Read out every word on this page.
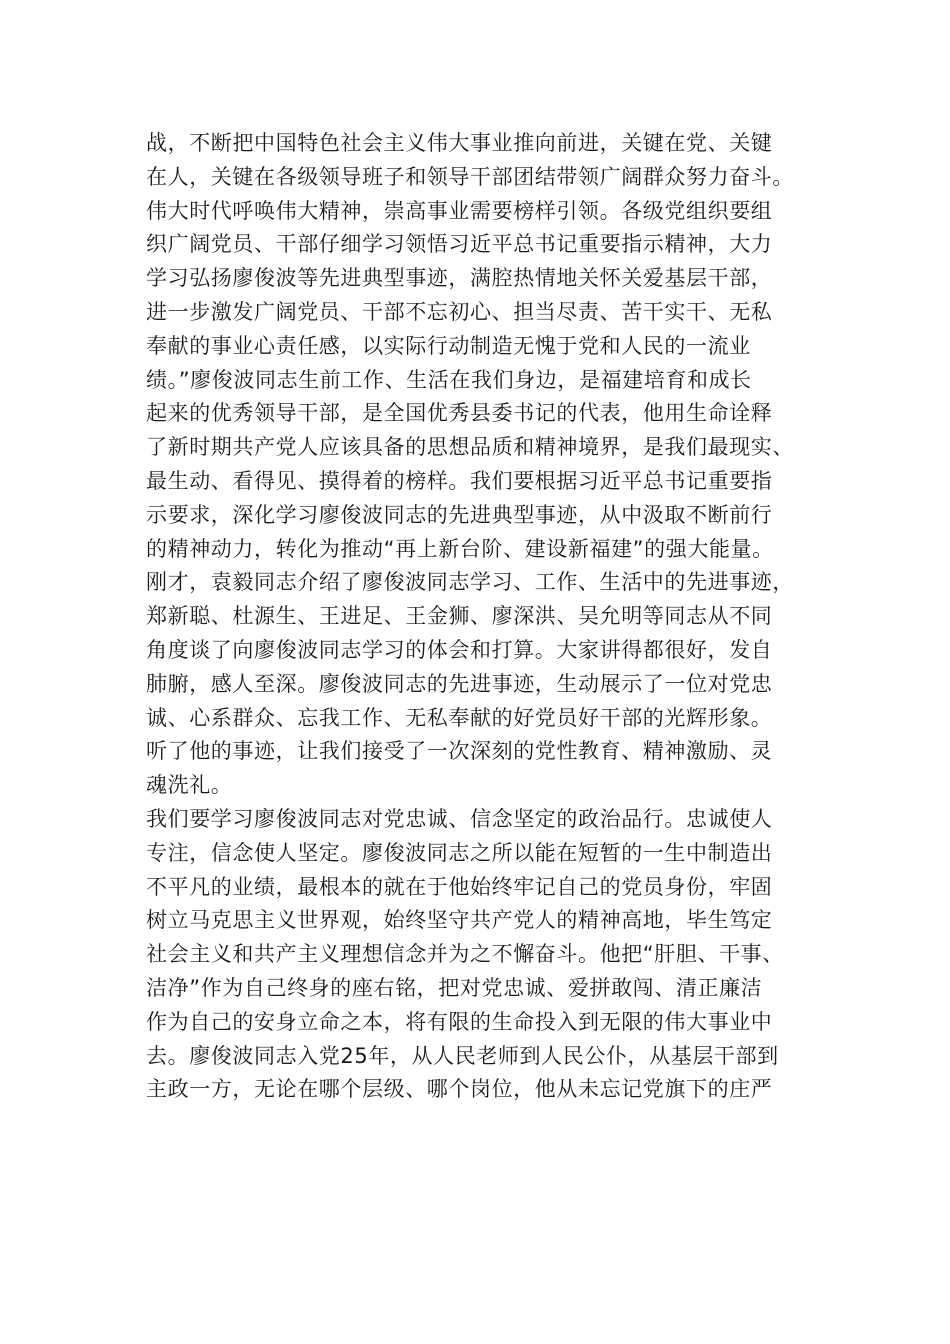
战，不断把中国特色社会主义伟大事业推向前进，关键在党、关键
在人，关键在各级领导班子和领导干部团结带领广阔群众努力奋斗。
伟大时代呼唤伟大精神，崇高事业需要榜样引领。各级党组织要组
织广阔党员、干部仔细学习领悟习近平总书记重要指示精神，大力
学习弘扬廖俊波等先进典型事迹，满腔热情地关怀关爱基层干部，
进一步激发广阔党员、干部不忘初心、担当尽责、苦干实干、无私
奉献的事业心责任感，以实际行动制造无愧于党和人民的一流业
绩。”廖俊波同志生前工作、生活在我们身边，是福建培育和成长
起来的优秀领导干部，是全国优秀县委书记的代表，他用生命诠释
了新时期共产党人应该具备的思想品质和精神境界，是我们最现实、
最生动、看得见、摸得着的榜样。我们要根据习近平总书记重要指
示要求，深化学习廖俊波同志的先进典型事迹，从中汲取不断前行
的精神动力，转化为推动“再上新台阶、建设新福建”的强大能量。
刚才，袁毅同志介绍了廖俊波同志学习、工作、生活中的先进事迹，
郑新聪、杜源生、王进足、王金狮、廖深洪、吴允明等同志从不同
角度谈了向廖俊波同志学习的体会和打算。大家讲得都很好，发自
肺腑，感人至深。廖俊波同志的先进事迹，生动展示了一位对党忠
诚、心系群众、忘我工作、无私奉献的好党员好干部的光辉形象。
听了他的事迹，让我们接受了一次深刻的党性教育、精神激励、灵
魂洗礼。
我们要学习廖俊波同志对党忠诚、信念坚定的政治品行。忠诚使人
专注，信念使人坚定。廖俊波同志之所以能在短暂的一生中制造出
不平凡的业绩，最根本的就在于他始终牢记自己的党员身份，牢固
树立马克思主义世界观，始终坚守共产党人的精神高地，毕生笃定
社会主义和共产主义理想信念并为之不懈奋斗。他把“肝胆、干事、
洁净”作为自己终身的座右铭，把对党忠诚、爱拼敢闯、清正廉洁
作为自己的安身立命之本，将有限的生命投入到无限的伟大事业中
去。廖俊波同志入党25年，从人民老师到人民公仆，从基层干部到
主政一方，无论在哪个层级、哪个岗位，他从未忘记党旗下的庄严
